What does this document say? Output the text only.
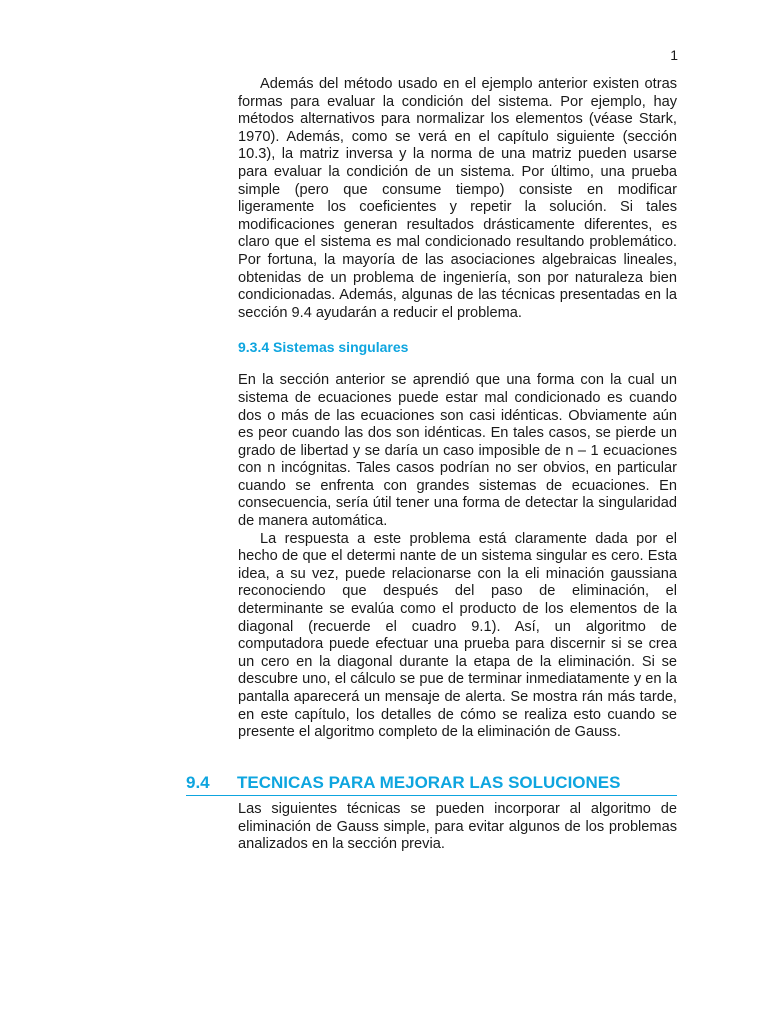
1

Además del método usado en el ejemplo anterior existen otras formas para evaluar la condición del sistema. Por ejemplo, hay métodos alternativos para normalizar los elementos (véase Stark, 1970). Además, como se verá en el capítulo siguiente (sección 10.3), la matriz inversa y la norma de una matriz pueden usarse para evaluar la condición de un sistema. Por último, una prueba simple (pero que consume tiempo) consiste en modificar ligeramente los coeficientes y repetir la solución. Si tales modificaciones generan resultados drásticamente diferentes, es claro que el sistema es mal condicionado resultando problemático. Por fortuna, la mayoría de las asociaciones algebraicas lineales, obtenidas de un problema de ingeniería, son por naturaleza bien condicionadas. Además, algunas de las técnicas presentadas en la sección 9.4 ayudarán a reducir el problema.

9.3.4 Sistemas singulares

En la sección anterior se aprendió que una forma con la cual un sistema de ecuaciones puede estar mal condicionado es cuando dos o más de las ecuaciones son casi idénticas. Obviamente aún es peor cuando las dos son idénticas. En tales casos, se pierde un grado de libertad y se daría un caso imposible de n – 1 ecuaciones con n incógnitas. Tales casos podrían no ser obvios, en particular cuando se enfrenta con grandes sistemas de ecuaciones. En consecuencia, sería útil tener una forma de detectar la singularidad de manera automática.

La respuesta a este problema está claramente dada por el hecho de que el determi nante de un sistema singular es cero. Esta idea, a su vez, puede relacionarse con la eli minación gaussiana reconociendo que después del paso de eliminación, el determinante se evalúa como el producto de los elementos de la diagonal (recuerde el cuadro 9.1). Así, un algoritmo de computadora puede efectuar una prueba para discernir si se crea un cero en la diagonal durante la etapa de la eliminación. Si se descubre uno, el cálculo se pue de terminar inmediatamente y en la pantalla aparecerá un mensaje de alerta. Se mostra rán más tarde, en este capítulo, los detalles de cómo se realiza esto cuando se presente el algoritmo completo de la eliminación de Gauss.

9.4 TECNICAS PARA MEJORAR LAS SOLUCIONES

Las siguientes técnicas se pueden incorporar al algoritmo de eliminación de Gauss simple, para evitar algunos de los problemas analizados en la sección previa.
